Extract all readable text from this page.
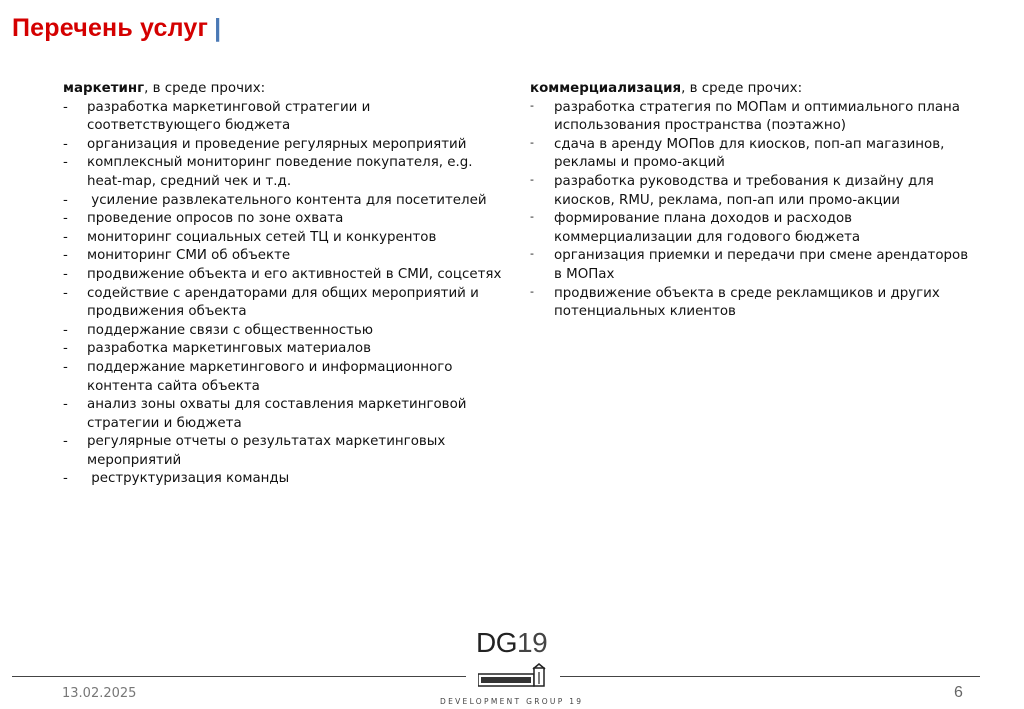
Перечень услуг |
маркетинг, в среде прочих:
- разработка маркетинговой стратегии и соответствующего бюджета
- организация и проведение регулярных мероприятий
- комплексный мониторинг поведение покупателя, e.g. heat-map, средний чек и т.д.
- усиление развлекательного контента для посетителей
- проведение опросов по зоне охвата
- мониторинг социальных сетей ТЦ и конкурентов
- мониторинг СМИ об объекте
- продвижение объекта и его активностей в СМИ, соцсетях
- содействие с арендаторами для общих мероприятий и продвижения объекта
- поддержание связи с общественностью
- разработка маркетинговых материалов
- поддержание маркетингового и информационного контента сайта объекта
- анализ зоны охваты для составления маркетинговой стратегии и бюджета
- регулярные отчеты о результатах маркетинговых мероприятий
- реструктуризация команды
коммерциализация, в среде прочих:
- разработка стратегия по МОПам и оптимиального плана использования пространства (поэтажно)
- сдача в аренду МОПов для киосков, поп-ап магазинов, рекламы и промо-акций
- разработка руководства и требования к дизайну для киосков, RMU, реклама, поп-ап или промо-акции
- формирование плана доходов и расходов коммерциализации для годового бюджета
- организация приемки и передачи при смене арендаторов в МОПах
- продвижение объекта в среде рекламщиков и других потенциальных клиентов
DG19
13.02.2025
DEVELOPMENT GROUP 19
6
